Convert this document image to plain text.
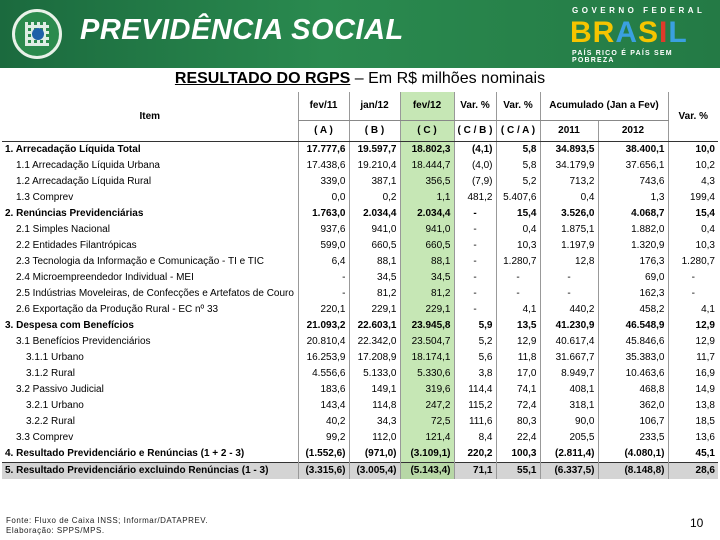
PREVIDÊNCIA SOCIAL
GOVERNO FEDERAL
BRASIL
PAÍS RICO É PAÍS SEM POBREZA
RESULTADO DO RGPS – Em R$ milhões nominais
Item	fev/11	jan/12	fev/12	Var. %	Var. %	Acumulado (Jan a Fev)		Var. %
	( A )	( B )	( C )	( C / B )	( C / A )	2011	2012	
1. Arrecadação Líquida Total	17.777,6	19.597,7	18.802,3	(4,1)	5,8	34.893,5	38.400,1	10,0
1.1 Arrecadação Líquida Urbana	17.438,6	19.210,4	18.444,7	(4,0)	5,8	34.179,9	37.656,1	10,2
1.2 Arrecadação Líquida Rural	339,0	387,1	356,5	(7,9)	5,2	713,2	743,6	4,3
1.3 Comprev	0,0	0,2	1,1	481,2	5.407,6	0,4	1,3	199,4
2. Renúncias Previdenciárias	1.763,0	2.034,4	2.034,4	-	15,4	3.526,0	4.068,7	15,4
2.1 Simples Nacional	937,6	941,0	941,0	-	0,4	1.875,1	1.882,0	0,4
2.2 Entidades Filantrópicas	599,0	660,5	660,5	-	10,3	1.197,9	1.320,9	10,3
2.3 Tecnologia da Informação e Comunicação - TI e TIC	6,4	88,1	88,1	-	1.280,7	12,8	176,3	1.280,7
2.4 Microempreendedor Individual - MEI	-	34,5	34,5	-	-	-	69,0	-
2.5 Indústrias Moveleiras, de Confecções e Artefatos de Couro	-	81,2	81,2	-	-	-	162,3	-
2.6 Exportação da Produção Rural - EC nº 33	220,1	229,1	229,1	-	4,1	440,2	458,2	4,1
3. Despesa com Benefícios	21.093,2	22.603,1	23.945,8	5,9	13,5	41.230,9	46.548,9	12,9
3.1 Benefícios Previdenciários	20.810,4	22.342,0	23.504,7	5,2	12,9	40.617,4	45.846,6	12,9
3.1.1 Urbano	16.253,9	17.208,9	18.174,1	5,6	11,8	31.667,7	35.383,0	11,7
3.1.2 Rural	4.556,6	5.133,0	5.330,6	3,8	17,0	8.949,7	10.463,6	16,9
3.2 Passivo Judicial	183,6	149,1	319,6	114,4	74,1	408,1	468,8	14,9
3.2.1 Urbano	143,4	114,8	247,2	115,2	72,4	318,1	362,0	13,8
3.2.2 Rural	40,2	34,3	72,5	111,6	80,3	90,0	106,7	18,5
3.3 Comprev	99,2	112,0	121,4	8,4	22,4	205,5	233,5	13,6
4. Resultado Previdenciário e Renúncias (1 + 2 - 3)	(1.552,6)	(971,0)	(3.109,1)	220,2	100,3	(2.811,4)	(4.080,1)	45,1
5. Resultado Previdenciário excluindo Renúncias (1 - 3)	(3.315,6)	(3.005,4)	(5.143,4)	71,1	55,1	(6.337,5)	(8.148,8)	28,6
Fonte: Fluxo de Caixa INSS; Informar/DATAPREV.
Elaboração: SPPS/MPS.
10
